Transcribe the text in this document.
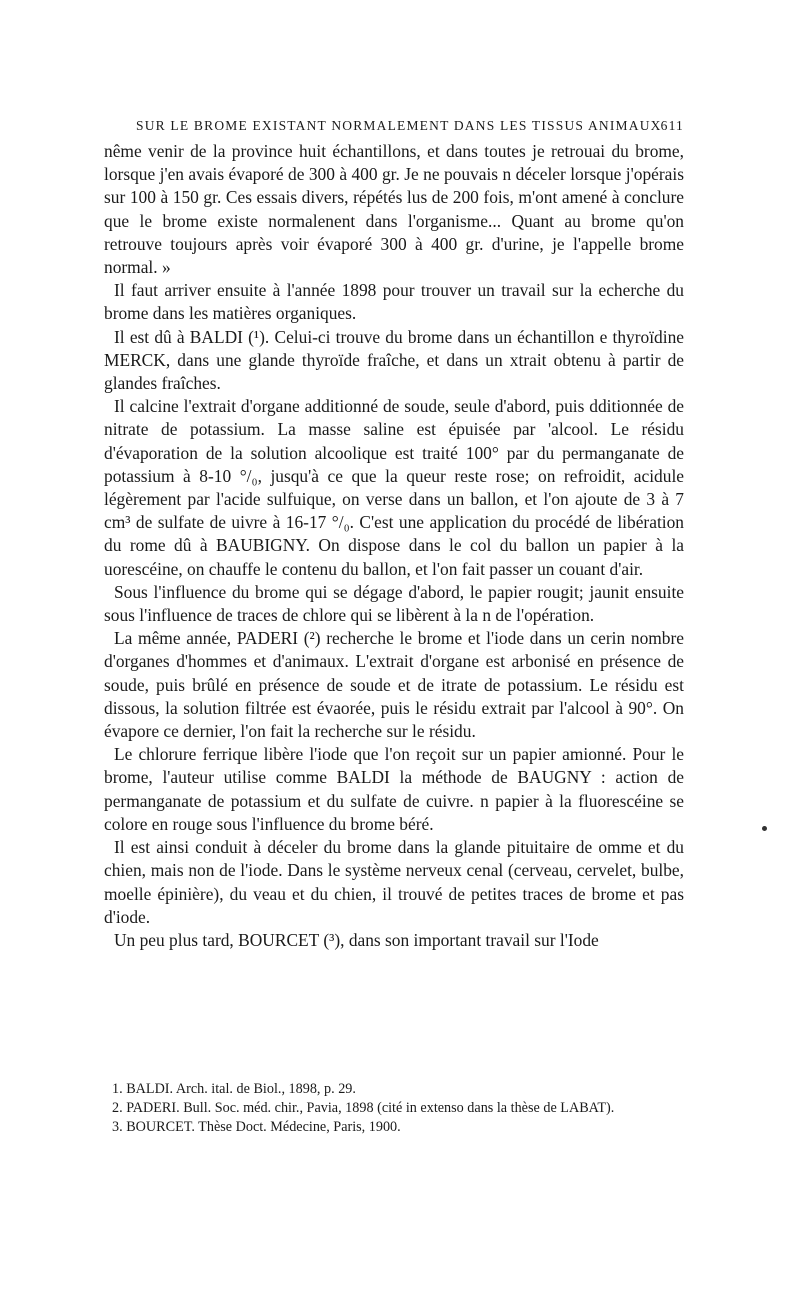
SUR LE BROME EXISTANT NORMALEMENT DANS LES TISSUS ANIMAUX 611

nême venir de la province huit échantillons, et dans toutes je retrouai du brome, lorsque j'en avais évaporé de 300 à 400 gr. Je ne pouvais n déceler lorsque j'opérais sur 100 à 150 gr. Ces essais divers, répétés lus de 200 fois, m'ont amené à conclure que le brome existe normalenent dans l'organisme... Quant au brome qu'on retrouve toujours après voir évaporé 300 à 400 gr. d'urine, je l'appelle brome normal. »

Il faut arriver ensuite à l'année 1898 pour trouver un travail sur la echerche du brome dans les matières organiques.

Il est dû à BALDI (¹). Celui-ci trouve du brome dans un échantillon e thyroïdine MERCK, dans une glande thyroïde fraîche, et dans un xtrait obtenu à partir de glandes fraîches.

Il calcine l'extrait d'organe additionné de soude, seule d'abord, puis dditionnée de nitrate de potassium. La masse saline est épuisée par 'alcool. Le résidu d'évaporation de la solution alcoolique est traité 100° par du permanganate de potassium à 8-10 °/₀, jusqu'à ce que la queur reste rose; on refroidit, acidule légèrement par l'acide sulfuique, on verse dans un ballon, et l'on ajoute de 3 à 7 cm³ de sulfate de uivre à 16-17 °/₀. C'est une application du procédé de libération du rome dû à BAUBIGNY. On dispose dans le col du ballon un papier à la uorescéine, on chauffe le contenu du ballon, et l'on fait passer un couant d'air.

Sous l'influence du brome qui se dégage d'abord, le papier rougit; jaunit ensuite sous l'influence de traces de chlore qui se libèrent à la n de l'opération.

La même année, PADERI (²) recherche le brome et l'iode dans un cerin nombre d'organes d'hommes et d'animaux. L'extrait d'organe est arbonisé en présence de soude, puis brûlé en présence de soude et de itrate de potassium. Le résidu est dissous, la solution filtrée est évaorée, puis le résidu extrait par l'alcool à 90°. On évapore ce dernier, l'on fait la recherche sur le résidu.

Le chlorure ferrique libère l'iode que l'on reçoit sur un papier amionné. Pour le brome, l'auteur utilise comme BALDI la méthode de BAUGNY : action de permanganate de potassium et du sulfate de cuivre. n papier à la fluorescéine se colore en rouge sous l'influence du brome béré.

Il est ainsi conduit à déceler du brome dans la glande pituitaire de omme et du chien, mais non de l'iode. Dans le système nerveux cenal (cerveau, cervelet, bulbe, moelle épinière), du veau et du chien, il trouvé de petites traces de brome et pas d'iode.

Un peu plus tard, BOURCET (³), dans son important travail sur l'Iode

1. BALDI. Arch. ital. de Biol., 1898, p. 29.

2. PADERI. Bull. Soc. méd. chir., Pavia, 1898 (cité in extenso dans la thèse de LABAT).

3. BOURCET. Thèse Doct. Médecine, Paris, 1900.
